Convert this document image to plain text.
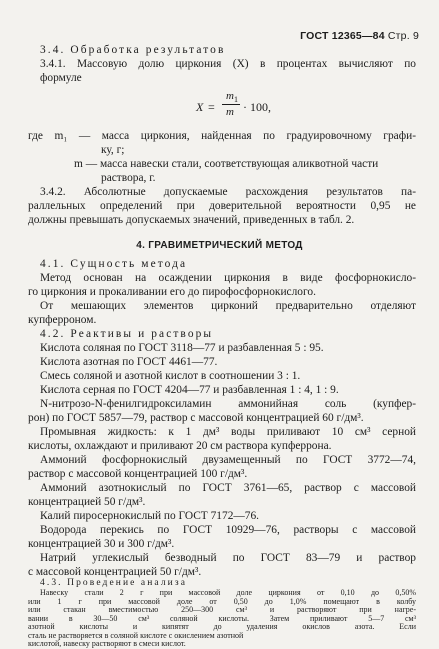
ГОСТ 12365—84 Стр. 9
3.4. Обработка результатов
3.4.1. Массовую долю циркония (X) в процентах вычисляют по
формуле
X =
$m_1$
m · 100,
где m₁ — масса циркония, найденная по градуировочному графи-
ку, г;
m — масса навески стали, соответствующая аликвотной части
раствора, г.
3.4.2. Абсолютные допускаемые расхождения результатов па-
раллельных определений при доверительной вероятности 0,95 не
должны превышать допускаемых значений, приведенных в табл. 2.
4. ГРАВИМЕТРИЧЕСКИЙ МЕТОД
4.1. Сущность метода
Метод основан на осаждении циркония в виде фосфорнокисло-
го циркония и прокаливании его до пирофосфорнокислого.
От мешающих элементов цирконий предварительно отделяют
купферроном.
4.2. Реактивы и растворы
Кислота соляная по ГОСТ 3118—77 и разбавленная 5 : 95.
Кислота азотная по ГОСТ 4461—77.
Смесь соляной и азотной кислот в соотношении 3 : 1.
Кислота серная по ГОСТ 4204—77 и разбавленная 1 : 4, 1 : 9.
N-нитрозо-N-фенилгидроксиламин аммонийная соль (купфер-
рон) по ГОСТ 5857—79, раствор с массовой концентрацией 60 г/дм³.
Промывная жидкость: к 1 дм³ воды приливают 10 см³ серной
кислоты, охлаждают и приливают 20 см раствора купферрона.
Аммоний фосфорнокислый двузамещенный по ГОСТ 3772—74,
раствор с массовой концентрацией 100 г/дм³.
Аммоний азотнокислый по ГОСТ 3761—65, раствор с массовой
концентрацией 50 г/дм³.
Калий пиросернокислый по ГОСТ 7172—76.
Водорода перекись по ГОСТ 10929—76, растворы с массовой
концентрацией 30 и 300 г/дм³.
Натрий углекислый безводный по ГОСТ 83—79 и раствор
с массовой концентрацией 50 г/дм³.
4.3. Проведение анализа
Навеску стали 2 г при массовой доле циркония от 0,10 до 0,50%
или 1 г при массовой доле от 0,50 до 1,0% помещают в колбу
или стакан вместимостью 250—300 см³ и растворяют при нагре-
вании в 30—50 см³ соляной кислоты. Затем приливают 5—7 см³
азотной кислоты и кипятят до удаления окислов азота. Если
сталь не растворяется в соляной кислоте с окислением азотной
кислотой, навеску растворяют в смеси кислот.
